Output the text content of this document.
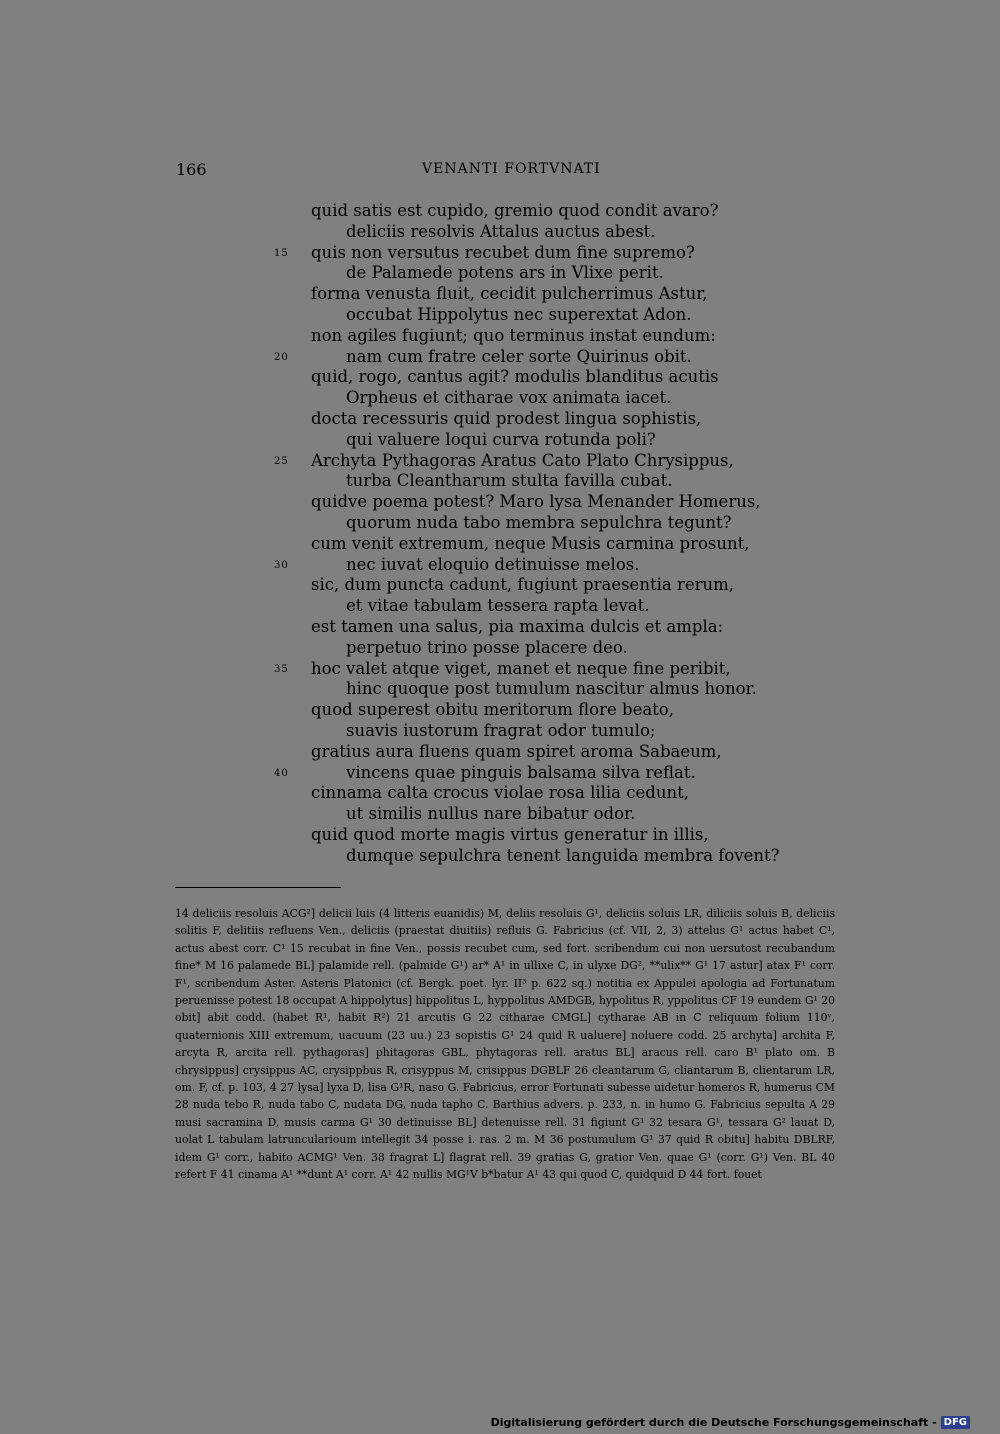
166	VENANTI FORTVNATI
quid satis est cupido, gremio quod condit avaro?
deliciis resolvis Attalus auctus abest.
15 quis non versutus recubet dum fine supremo?
de Palamede potens ars in Vlixe perit.
forma venusta fluit, cecidit pulcherrimus Astur,
occubat Hippolytus nec superextat Adon.
non agiles fugiunt; quo terminus instat eundum:
20	nam cum fratre celer sorte Quirinus obit.
quid, rogo, cantus agit? modulis blanditus acutis
Orpheus et citharae vox animata iacet.
docta recessuris quid prodest lingua sophistis,
qui valuere loqui curva rotunda poli?
25 Archyta Pythagoras Aratus Cato Plato Chrysippus,
turba Cleantharum stulta favilla cubat.
quidve poema potest? Maro lysa Menander Homerus,
quorum nuda tabo membra sepulchra tegunt?
cum venit extremum, neque Musis carmina prosunt,
30	nec iuvat eloquio detinuisse melos.
sic, dum puncta cadunt, fugiunt praesentia rerum,
et vitae tabulam tessera rapta levat.
est tamen una salus, pia maxima dulcis et ampla:
perpetuo trino posse placere deo.
35 hoc valet atque viget, manet et neque fine peribit,
hinc quoque post tumulum nascitur almus honor.
quod superest obitu meritorum flore beato,
suavis iustorum fragrat odor tumulo;
gratius aura fluens quam spiret aroma Sabaeum,
40	vincens quae pinguis balsama silva reflat.
cinnama calta crocus violae rosa lilia cedunt,
ut similis nullus nare bibatur odor.
quid quod morte magis virtus generatur in illis,
dumque sepulchra tenent languida membra fovent?
14 deliciis resoluis ACG²] delicii luis (4 litteris euanidis) M, deliis resoluis G¹, deliciis soluis LR, diliciis soluis B, deliciis solitis F, delitiis refluens Ven., deliciis (praestat diuitiis) refluis G. Fabricius (cf. VII, 2, 3) attelus G¹ actus habet C¹, actus abest corr. C¹ 15 recubat in fine Ven., possis recubet cum, sed fort. scribendum cui non uersutost recubandum fine* M 16 palamede BL] palamide rell. (palmide G¹) ar* A¹ in ullixe C, in ulyxe DG², **ulix** G¹ 17 astur] atax F¹ corr. F¹, scribendum Aster. Asteris Platonici (cf. Bergk. poet. lyr. II³ p. 622 sq.) notitia ex Appulei apologia ad Fortunatum peruenisse potest 18 occupat A hippolytus] hippolitus L, hyppolitus AMDGB, hypolitus R, yppolitus CF 19 eundem G¹ 20 obit] abit codd. (habet R¹, habit R²) 21 arcutis G 22 citharae CMGL] cytharae AB in C reliquum folium 110ᵛ, quaternionis XIII extremum, uacuum (23 uu.) 23 sopistis G¹ 24 quid R ualuere] noluere codd. 25 archyta] archita F, arcyta R, arcita rell. pythagoras] phitagoras GBL, phytagoras rell. aratus BL] aracus rell. caro B¹ plato om. B chrysippus] crysippus AC, crysippbus R, crisyppus M, crisippus DGBLF 26 cleantarum G, cliantarum B, clientarum LR, om. F, cf. p. 103, 4 27 lysa] lyxa D, lisa G¹R, naso G. Fabricius, error Fortunati subesse uidetur homeros R, humerus CM 28 nuda tebo R, nuda tabo C, nudata DG, nuda tapho C. Barthius advers. p. 233, n. in humo G. Fabricius sepulta A 29 musi sacramina D, musis carma G¹ 30 detinuisse BL] detenuisse rell. 31 figiunt G¹ 32 tesara G¹, tessara G² lauat D, uolat L tabulam latruncularioum intellegit 34 posse i. ras. 2 m. M 36 postumulum G¹ 37 quid R obitu] habitu DBLRF, idem G¹ corr., habito ACMG¹ Ven. 38 fragrat L] flagrat rell. 39 gratias G, gratior Ven. quae G¹ (corr. G¹) Ven. BL 40 refert F 41 cinama A¹ **dunt A¹ corr. A¹ 42 nullis MG¹V b*batur A¹ 43 qui quod C, quidquid D 44 fort. fouet
Digitalisierung gefördert durch die Deutsche Forschungsgemeinschaft - DFG
